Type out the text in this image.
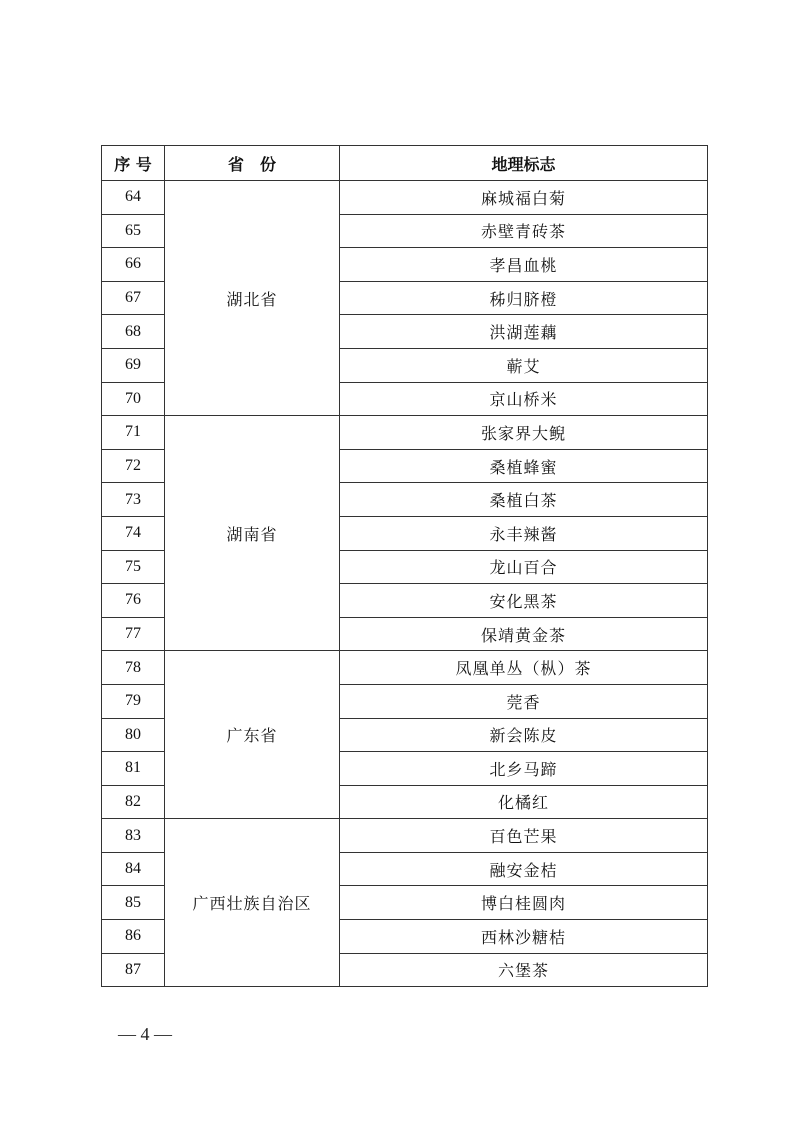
序 号	省　份	地理标志
64	湖北省	麻城福白菊
65		赤壁青砖茶
66		孝昌血桃
67		秭归脐橙
68		洪湖莲藕
69		蕲艾
70		京山桥米
71	湖南省	张家界大鲵
72		桑植蜂蜜
73		桑植白茶
74		永丰辣酱
75		龙山百合
76		安化黑茶
77		保靖黄金茶
78	广东省	凤凰单丛（枞）茶
79		莞香
80		新会陈皮
81		北乡马蹄
82		化橘红
83	广西壮族自治区	百色芒果
84		融安金桔
85		博白桂圆肉
86		西林沙糖桔
87		六堡茶
— 4 —
